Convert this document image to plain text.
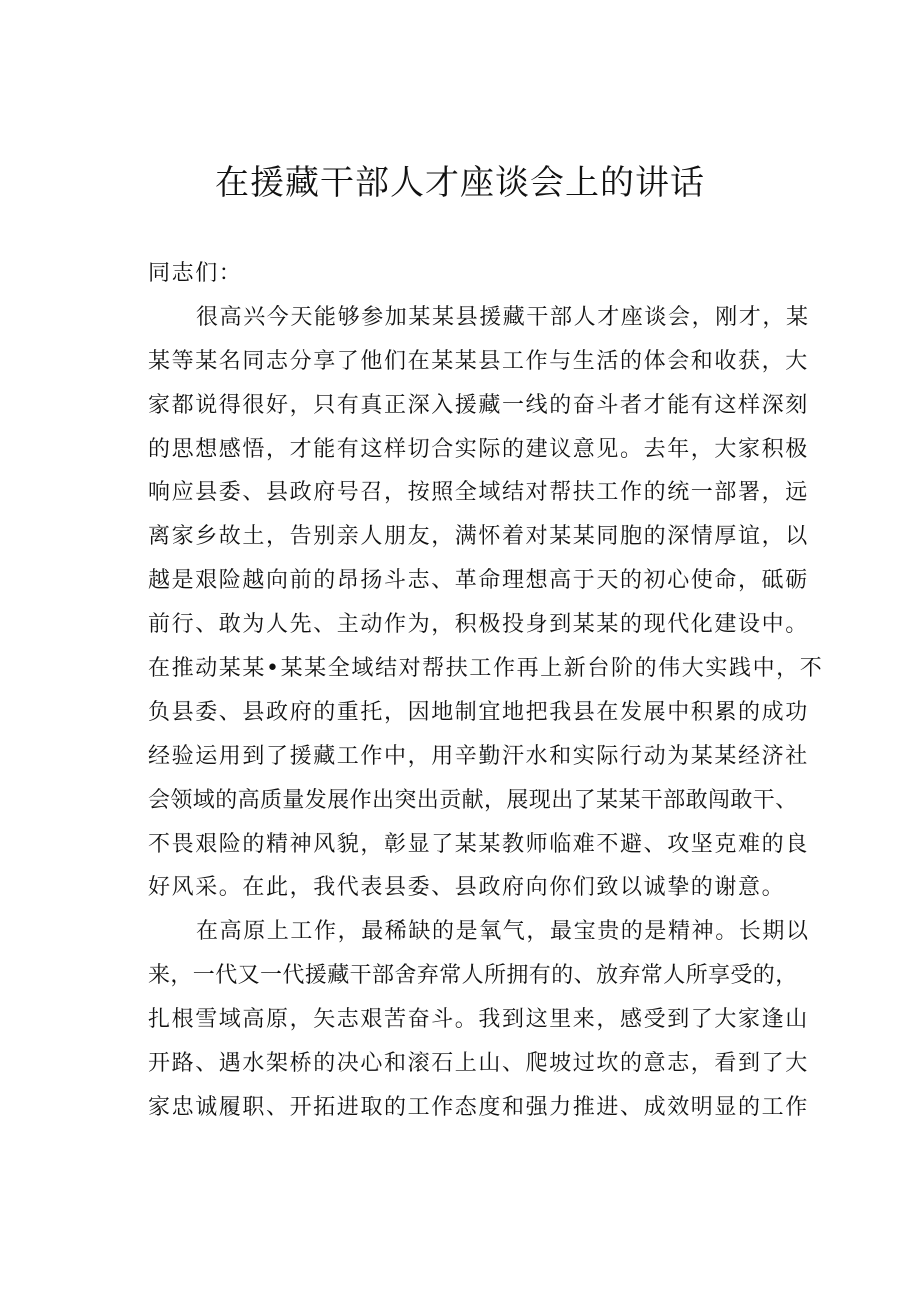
在援藏干部人才座谈会上的讲话
同志们：
很高兴今天能够参加某某县援藏干部人才座谈会，刚才，某
某等某名同志分享了他们在某某县工作与生活的体会和收获，大
家都说得很好，只有真正深入援藏一线的奋斗者才能有这样深刻
的思想感悟，才能有这样切合实际的建议意见。去年，大家积极
响应县委、县政府号召，按照全域结对帮扶工作的统一部署，远
离家乡故土，告别亲人朋友，满怀着对某某同胞的深情厚谊，以
越是艰险越向前的昂扬斗志、革命理想高于天的初心使命，砥砺
前行、敢为人先、主动作为，积极投身到某某的现代化建设中。
在推动某某•某某全域结对帮扶工作再上新台阶的伟大实践中，不
负县委、县政府的重托，因地制宜地把我县在发展中积累的成功
经验运用到了援藏工作中，用辛勤汗水和实际行动为某某经济社
会领域的高质量发展作出突出贡献，展现出了某某干部敢闯敢干、
不畏艰险的精神风貌，彰显了某某教师临难不避、攻坚克难的良
好风采。在此，我代表县委、县政府向你们致以诚挚的谢意。
在高原上工作，最稀缺的是氧气，最宝贵的是精神。长期以
来，一代又一代援藏干部舍弃常人所拥有的、放弃常人所享受的，
扎根雪域高原，矢志艰苦奋斗。我到这里来，感受到了大家逢山
开路、遇水架桥的决心和滚石上山、爬坡过坎的意志，看到了大
家忠诚履职、开拓进取的工作态度和强力推进、成效明显的工作
